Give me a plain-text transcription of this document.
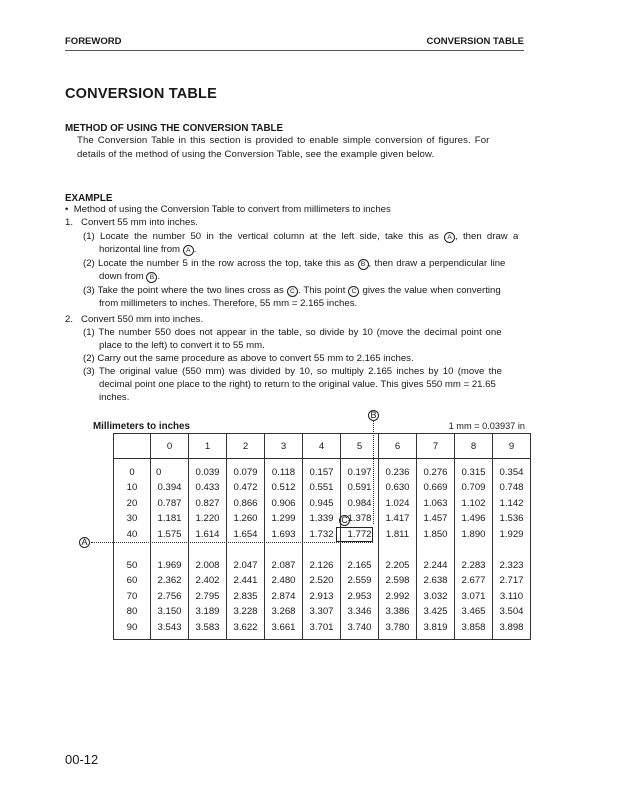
FOREWORD	CONVERSION TABLE
CONVERSION TABLE
METHOD OF USING THE CONVERSION TABLE
The Conversion Table in this section is provided to enable simple conversion of figures. For
details of the method of using the Conversion Table, see the example given below.
EXAMPLE
• Method of using the Conversion Table to convert from millimeters to inches
1. Convert 55 mm into inches.
(1) Locate the number 50 in the vertical column at the left side, take this as A , then draw a
horizontal line from A .
(2) Locate the number 5 in the row across the top, take this as B , then draw a perpendicular line
down from B .
(3) Take the point where the two lines cross as C . This point C gives the value when converting
from millimeters to inches. Therefore, 55 mm = 2.165 inches.
2. Convert 550 mm into inches.
(1) The number 550 does not appear in the table, so divide by 10 (move the decimal point one
place to the left) to convert it to 55 mm.
(2) Carry out the same procedure as above to convert 55 mm to 2.165 inches.
(3) The original value (550 mm) was divided by 10, so multiply 2.165 inches by 10 (move the
decimal point one place to the right) to return to the original value. This gives 550 mm = 21.65
inches.
Millimeters to inches	1 mm = 0.03937 in
B
	0	1	2	3	4	5	6	7	8	9

0	0	0.039	0.079	0.118	0.157	0.197	0.236	0.276	0.315	0.354
10	0.394	0.433	0.472	0.512	0.551	0.591	0.630	0.669	0.709	0.748
20	0.787	0.827	0.866	0.906	0.945	0.984	1.024	1.063	1.102	1.142
30	1.181	1.220	1.260	1.299	1.339	1.378	1.417	1.457	1.496	1.536
40	1.575	1.614	1.654	1.693	1.732	1.772	1.811	1.850	1.890	1.929

50	1.969	2.008	2.047	2.087	2.126	2.165	2.205	2.244	2.283	2.323
60	2.362	2.402	2.441	2.480	2.520	2.559	2.598	2.638	2.677	2.717
70	2.756	2.795	2.835	2.874	2.913	2.953	2.992	3.032	3.071	3.110
80	3.150	3.189	3.228	3.268	3.307	3.346	3.386	3.425	3.465	3.504
90	3.543	3.583	3.622	3.661	3.701	3.740	3.780	3.819	3.858	3.898

A
C
00-12
